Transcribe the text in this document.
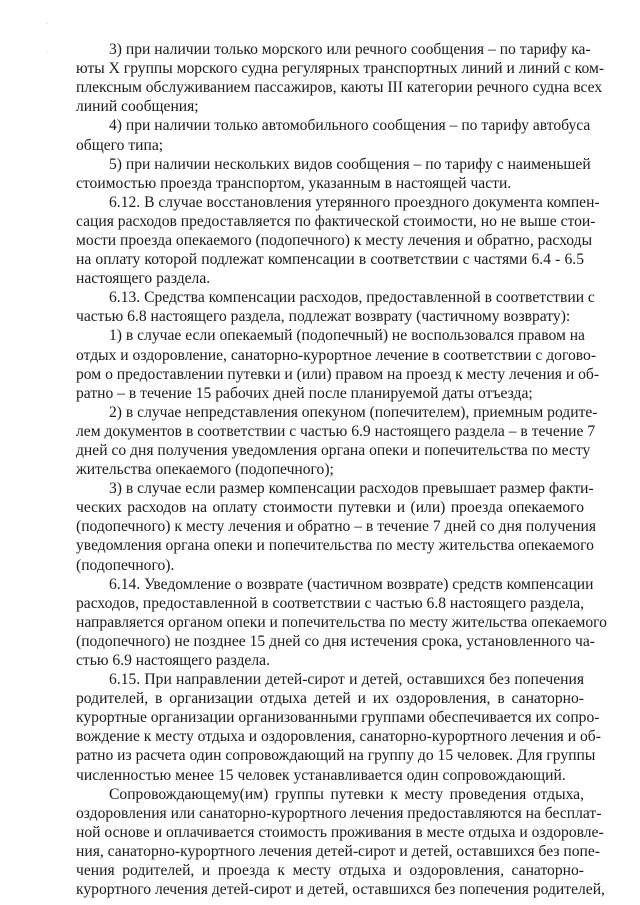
·
·	3) при наличии только морского или речного сообщения – по тарифу ка-

юты X группы морского судна регулярных транспортных линий и линий с ком-

плексным обслуживанием пассажиров, каюты III категории речного судна всех

линий сообщения;

4) при наличии только автомобильного сообщения – по тарифу автобуса

общего типа;

5) при наличии нескольких видов сообщения – по тарифу с наименьшей

стоимостью проезда транспортом, указанным в настоящей части.

6.12. В случае восстановления утерянного проездного документа компен-

сация расходов предоставляется по фактической стоимости, но не выше стои-

мости проезда опекаемого (подопечного) к месту лечения и обратно, расходы

на оплату которой подлежат компенсации в соответствии с частями 6.4 - 6.5

настоящего раздела.

6.13. Средства компенсации расходов, предоставленной в соответствии с

частью 6.8 настоящего раздела, подлежат возврату (частичному возврату):

1) в случае если опекаемый (подопечный) не воспользовался правом на

отдых и оздоровление, санаторно-курортное лечение в соответствии с догово-

ром о предоставлении путевки и (или) правом на проезд к месту лечения и об-

ратно – в течение 15 рабочих дней после планируемой даты отъезда;

2) в случае непредставления опекуном (попечителем), приемным родите-

лем документов в соответствии с частью 6.9 настоящего раздела – в течение 7

дней со дня получения уведомления органа опеки и попечительства по месту

жительства опекаемого (подопечного);

3) в случае если размер компенсации расходов превышает размер факти-

ческих расходов на оплату стоимости путевки и (или) проезда опекаемого

(подопечного) к месту лечения и обратно – в течение 7 дней со дня получения

уведомления органа опеки и попечительства по месту жительства опекаемого

(подопечного).

6.14. Уведомление о возврате (частичном возврате) средств компенсации

расходов, предоставленной в соответствии с частью 6.8 настоящего раздела,

направляется органом опеки и попечительства по месту жительства опекаемого

(подопечного) не позднее 15 дней со дня истечения срока, установленного ча-

стью 6.9 настоящего раздела.

6.15. При направлении детей-сирот и детей, оставшихся без попечения

родителей, в организации отдыха детей и их оздоровления, в санаторно-

курортные организации организованными группами обеспечивается их сопро-

вождение к месту отдыха и оздоровления, санаторно-курортного лечения и об-

ратно из расчета один сопровождающий на группу до 15 человек. Для группы

численностью менее 15 человек устанавливается один сопровождающий.

Сопровождающему(им) группы путевки к месту проведения отдыха,

оздоровления или санаторно-курортного лечения предоставляются на бесплат-

ной основе и оплачивается стоимость проживания в месте отдыха и оздоровле-

ния, санаторно-курортного лечения детей-сирот и детей, оставшихся без попе-

чения родителей, и проезда к месту отдыха и оздоровления, санаторно-

курортного лечения детей-сирот и детей, оставшихся без попечения родителей,
